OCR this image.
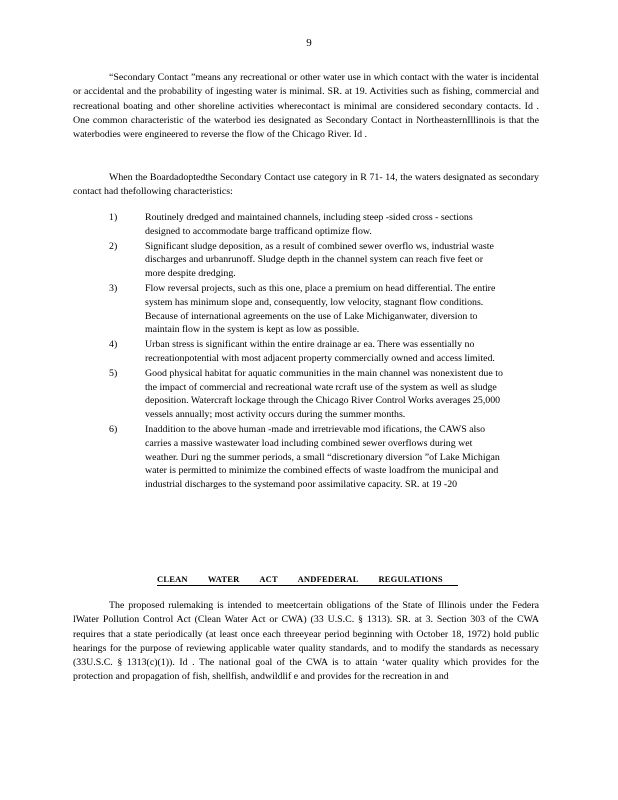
9

“Secondary Contact ”means any recreational or other water use in which contact with the water is incidental or accidental and the probability of ingesting water is minimal. SR. at 19. Activities such as fishing, commercial and recreational boating and other shoreline activities wherecontact is minimal are considered secondary contacts. Id . One common characteristic of the waterbod ies designated as Secondary Contact in NortheasternIllinois is that the waterbodies were engineered to reverse the flow of the Chicago River. Id .

When the Boardadoptedthe Secondary Contact use category in R 71- 14, the waters designated as secondary contact had thefollowing characteristics:

1)	Routinely dredged and maintained channels, including steep -sided cross - sections designed to accommodate barge trafficand optimize flow.
2)	Significant sludge deposition, as a result of combined sewer overflo ws, industrial waste discharges and urbanrunoff. Sludge depth in the channel system can reach five feet or more despite dredging.
3)	Flow reversal projects, such as this one, place a premium on head differential. The entire system has minimum slope and, consequently, low velocity, stagnant flow conditions. Because of international agreements on the use of Lake Michiganwater, diversion to maintain flow in the system is kept as low as possible.
4)	Urban stress is significant within the entire drainage ar ea. There was essentially no recreationpotential with most adjacent property commercially owned and access limited.
5)	Good physical habitat for aquatic communities in the main channel was nonexistent due to the impact of commercial and recreational wate rcraft use of the system as well as sludge deposition. Watercraft lockage through the Chicago River Control Works averages 25,000 vessels annually; most activity occurs during the summer months.
6)	Inaddition to the above human -made and irretrievable mod ifications, the CAWS also carries a massive wastewater load including combined sewer overflows during wet weather. Duri ng the summer periods, a small “discretionary diversion ”of Lake Michigan water is permitted to minimize the combined effects of waste loadfrom the municipal and industrial discharges to the systemand poor assimilative capacity. SR. at 19 -20
CLEAN WATER ACT ANDFEDERAL REGULATIONS

The proposed rulemaking is intended to meetcertain obligations of the State of Illinois under the Federa lWater Pollution Control Act (Clean Water Act or CWA) (33 U.S.C. § 1313). SR. at 3. Section 303 of the CWA requires that a state periodically (at least once each threeyear period beginning with October 18, 1972) hold public hearings for the purpose of reviewing applicable water quality standards, and to modify the standards as necessary (33U.S.C. § 1313(c)(1)). Id . The national goal of the CWA is to attain ‘water quality which provides for the protection and propagation of fish, shellfish, andwildlif e and provides for the recreation in and
